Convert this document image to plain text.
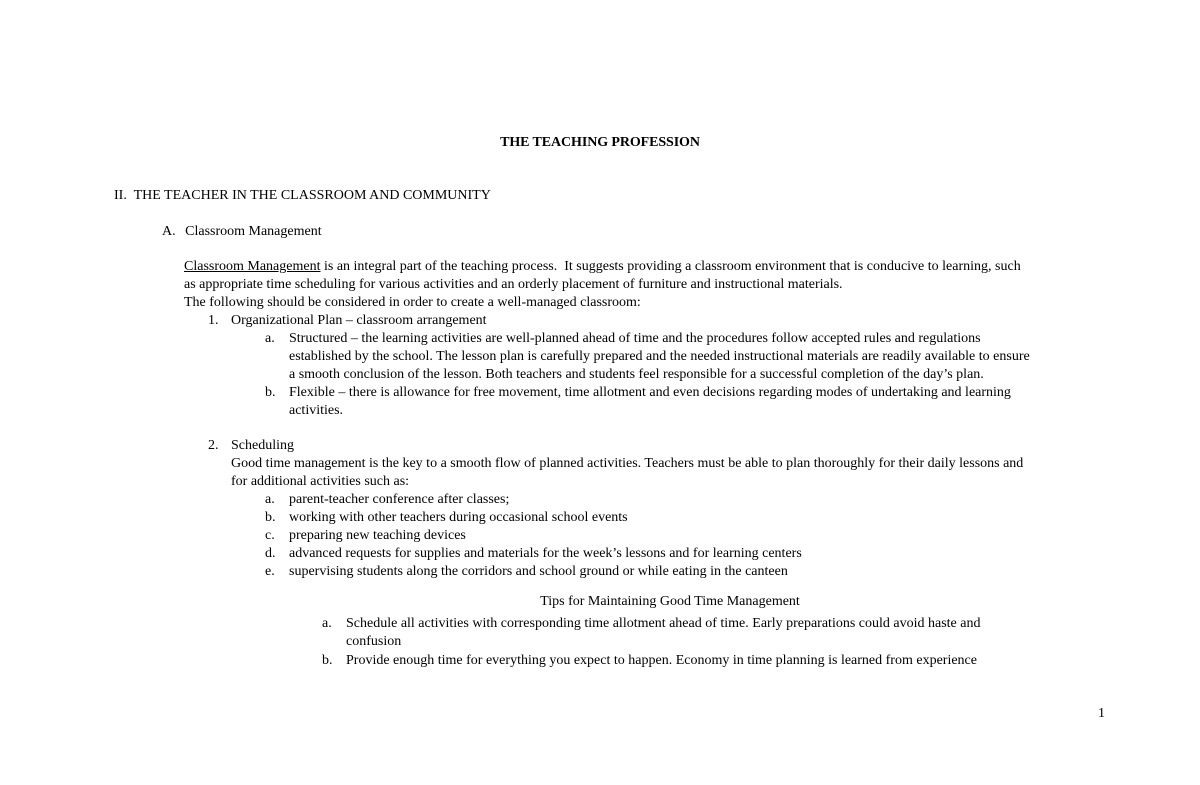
THE TEACHING PROFESSION
II.  THE TEACHER IN THE CLASSROOM AND COMMUNITY
A. Classroom Management
Classroom Management is an integral part of the teaching process.  It suggests providing a classroom environment that is conducive to learning, such
as appropriate time scheduling for various activities and an orderly placement of furniture and instructional materials.
The following should be considered in order to create a well-managed classroom:
1. Organizational Plan – classroom arrangement
a. Structured – the learning activities are well-planned ahead of time and the procedures follow accepted rules and regulations
established by the school. The lesson plan is carefully prepared and the needed instructional materials are readily available to ensure
a smooth conclusion of the lesson. Both teachers and students feel responsible for a successful completion of the day’s plan.
b. Flexible – there is allowance for free movement, time allotment and even decisions regarding modes of undertaking and learning
activities.
2. Scheduling
Good time management is the key to a smooth flow of planned activities. Teachers must be able to plan thoroughly for their daily lessons and
for additional activities such as:
a. parent-teacher conference after classes;
b. working with other teachers during occasional school events
c. preparing new teaching devices
d. advanced requests for supplies and materials for the week’s lessons and for learning centers
e. supervising students along the corridors and school ground or while eating in the canteen
Tips for Maintaining Good Time Management
a. Schedule all activities with corresponding time allotment ahead of time. Early preparations could avoid haste and
confusion
b. Provide enough time for everything you expect to happen. Economy in time planning is learned from experience
1
